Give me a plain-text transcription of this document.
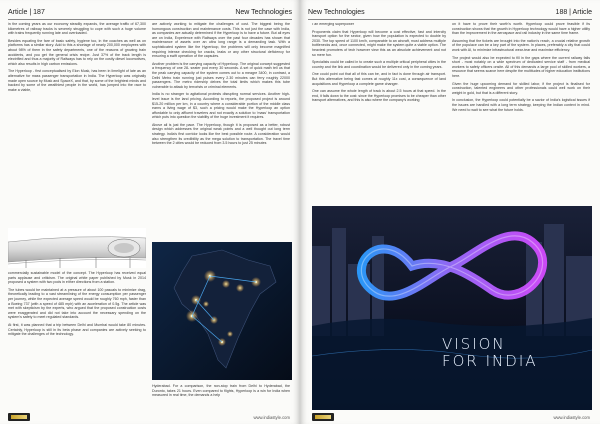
Article | 187	New Technologies

in the coming years as our economy steadily expands, the average traffic of 67,300 kilometres of railway tracks is severely struggling to cope with such a huge volume with trains frequently running late and overloaded.

Besides equating the fare of basic safety, hygiene too, in the coaches as well as on platforms has a similar story. Add to this a shortage of nearly 200,000 employees with about 98% of them in the safety departments, one of the reasons of growing train accidents, and you get the general crisis recipe. Just 37% of the track length is electrified and thus a majority of Railways has to rely on the costly diesel locomotives, which also results in high carbon emissions.

The Hyperloop - first conceptualised by Elon Musk, has been in limelight of late as an alternative for mass passenger transportation in India. The Hyperloop was originally made open source by Musk and SpaceX, and that, by some of the brightest minds and backed by some of the wealthiest people in the world, has jumped into the race to make a viable,

commercially sustainable model of the concept. The Hyperloop has received equal parts applause and criticism. The original white paper published by Musk in 2014 proposed a system with two pods in either directions from a station.

The tubes would be maintained at a pressure of about 100 pascals to minimize drag, theoretically leading to a vast streamlining of the energy consumption per passenger per journey, while the expected average speed would be roughly 760 mph, faster than a Boeing 737 (with a speed of 485 mph) with an acceleration of 0.5g. The article was met with skepticism by the experts, who argued that the proposed construction costs were exaggerated and did not take into account the necessary spending on the system's safety to meet regulated standards.

At first, it was planned that a trip between Delhi and Mumbai would take 80 minutes. Certainly, Hyperloop is still in its beta phase and companies are actively seeking to mitigate the challenges of the technology.

are actively working to mitigate the challenges of cost. The biggest being the humongous construction and maintenance costs. This is not just the case with India, as companies are actually determined if the Hyperloop is to have a future. But all eyes are on India, Experience with Railways over the past four decades has shown that maintenance of assets over an ultra long range is a demanding task. With a sophisticated system like the Hyperloop, the problems will only become magnified requiring intense checking for cracks, leaks or any other structural deficiency for ensuring a swift operation of the capsules.

Another problem is the carrying capacity of Hyperloop. The original concept suggested a frequency of one 28- seater pod every 30 seconds. A set of quick math tell us that the peak carrying capacity of the system comes out to a meagre 3400, in contrast, a Delhi Metro train running just pulses every 2.30 minutes can ferry roughly 22000 passengers. The metro ridership delves the total limits which makes this tube vulnerable to attack by terrorists or criminal elements.

India is no stranger to agitational protests disrupting normal services. Another high-level issue is the land pricing. According to reports, the proposed project is around $15-20 million per km, in a country where a considerable portion of the middle class earns a living wage of $3, such a pricing would make the Hyperloop an option affordable to only affluent travelers and not exactly a solution to 'mass' transportation which puts into question the viability of the huge investment it requires.

Above all is just the pace. The Hyperloop, though it is proposed as a better, robust design which addresses the original weak points and a well thought out long term strategy. India's first corridor looks like the best possible route. A consideration would also strengthen its credibility as the mega solution to transportation. The travel time between the 2 cities would be reduced from 3.5 hours to just 25 minutes

Hyderabad. For a comparison, the non-stop train from Delhi to Hyderabad, the Duronto, takes 21 hours. Even compared to flights, Hyperloop is a win for India when measured in real time, the demands a help

www.indiastyle.com
New Technologies	188 | Article

• an emerging superpower

Proponents claim that Hyperloop will become a cost effective, fast and intercity transport option for the sector, given how the population is expected to double by 2030. The top speed of 1100 km/h, comparable to an aircraft, must address multiple bottlenecks and, once connected, might make the system quite a viable option. The heaviest promoters of tech however view this as an absolute achievement and not so mere fun.

Specialists could be called in to create such a multiple critical peripheral cities in the country and the link and coordination would be delivered only in the coming years.

One could point out that all of this can be, and in fact is done through air transport. But this alternative being fast comes at roughly 11x cost, a consequence of land acquisitions and Hyperloop a complete game changer.

One can assume the whole length of track is about 2.5 hours at that speed. In the end, it falls down to the cost: since the Hyperloop promises to be cheaper than other transport alternatives, and this is also where the company's working

on it have to prove their worth's worth. Hyperloop could prove feasible if its construction shows that the growth in Hyperloop technology would have a higher utility than the improvement in the aerospace and rail industry in the same time frame.

Assuming that the tickets are brought into the nation's reach, a crucial relative growth of the populace can be a key part of the system. In places, preferably a city that could work with AI, to minimize infrastructural wear-tear and maximise efficiency.

The project would also be expected to fill in the gaps where the current railway falls short - most notably on a wide spectrum of dedicated service staff - from medical workers to safety officers onsite. All of this demands a large pool of skilled workers, a resource that seems scarce here despite the multitudes of higher education institutions here.

Given the huge upcoming demand for skilled labor, if the project is finalised for construction, talented engineers and other professionals could well work on their weight in gold, but that is a different story.

In conclusion, the Hyperloop could potentially be a savior of India's logistical issues if the issues are handled with a long term strategy, keeping the Indian context in mind. We need to wait to see what the future holds.

VISION
FOR INDIA
www.indiastyle.com
